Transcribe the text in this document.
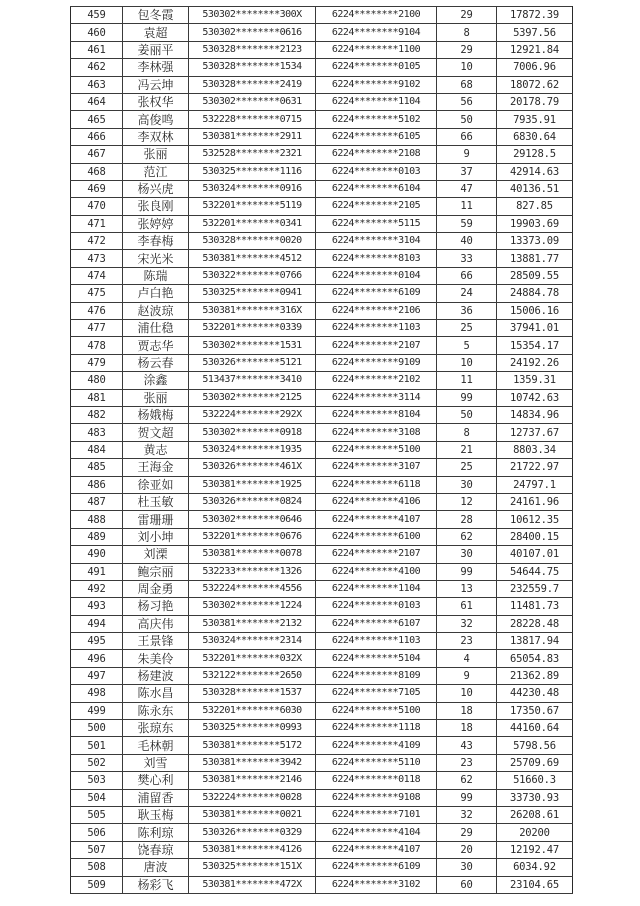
459	包冬霞	530302********300X	6224********2100	29	17872.39
460	袁超	530302********0616	6224********9104	8	5397.56
461	姜丽平	530328********2123	6224********1100	29	12921.84
462	李林强	530328********1534	6224********0105	10	7006.96
463	冯云坤	530328********2419	6224********9102	68	18072.62
464	张权华	530302********0631	6224********1104	56	20178.79
465	高俊鸣	532228********0715	6224********5102	50	7935.91
466	李双林	530381********2911	6224********6105	66	6830.64
467	张丽	532528********2321	6224********2108	9	29128.5
468	范江	530325********1116	6224********0103	37	42914.63
469	杨兴虎	530324********0916	6224********6104	47	40136.51
470	张良刚	532201********5119	6224********2105	11	827.85
471	张婷婷	532201********0341	6224********5115	59	19903.69
472	李春梅	530328********0020	6224********3104	40	13373.09
473	宋光米	530381********4512	6224********8103	33	13881.77
474	陈瑞	530322********0766	6224********0104	66	28509.55
475	卢白艳	530325********0941	6224********6109	24	24884.78
476	赵波琼	530381********316X	6224********2106	36	15006.16
477	浦仕稳	532201********0339	6224********1103	25	37941.01
478	贾志华	530302********1531	6224********2107	5	15354.17
479	杨云春	530326********5121	6224********9109	10	24192.26
480	涂鑫	513437********3410	6224********2102	11	1359.31
481	张丽	530302********2125	6224********3114	99	10742.63
482	杨娥梅	532224********292X	6224********8104	50	14834.96
483	贺文超	530302********0918	6224********3108	8	12737.67
484	黄志	530324********1935	6224********5100	21	8803.34
485	王海金	530326********461X	6224********3107	25	21722.97
486	徐亚如	530381********1925	6224********6118	30	24797.1
487	杜玉敏	530326********0824	6224********4106	12	24161.96
488	雷珊珊	530302********0646	6224********4107	28	10612.35
489	刘小坤	532201********0676	6224********6100	62	28400.15
490	刘溧	530381********0078	6224********2107	30	40107.01
491	鲍宗丽	532233********1326	6224********4100	99	54644.75
492	周金勇	532224********4556	6224********1104	13	232559.7
493	杨习艳	530302********1224	6224********0103	61	11481.73
494	高庆伟	530381********2132	6224********6107	32	28228.48
495	王景锋	530324********2314	6224********1103	23	13817.94
496	朱美伶	532201********032X	6224********5104	4	65054.83
497	杨建波	532122********2650	6224********8109	9	21362.89
498	陈水昌	530328********1537	6224********7105	10	44230.48
499	陈永东	532201********6030	6224********5100	18	17350.67
500	张琼东	530325********0993	6224********1118	18	44160.64
501	毛林朝	530381********5172	6224********4109	43	5798.56
502	刘雪	530381********3942	6224********5110	23	25709.69
503	樊心利	530381********2146	6224********0118	62	51660.3
504	浦留香	532224********0028	6224********9108	99	33730.93
505	耿玉梅	530381********0021	6224********7101	32	26208.61
506	陈利琼	530326********0329	6224********4104	29	20200
507	饶春琼	530381********4126	6224********4107	20	12192.47
508	唐波	530325********151X	6224********6109	30	6034.92
509	杨彩飞	530381********472X	6224********3102	60	23104.65
